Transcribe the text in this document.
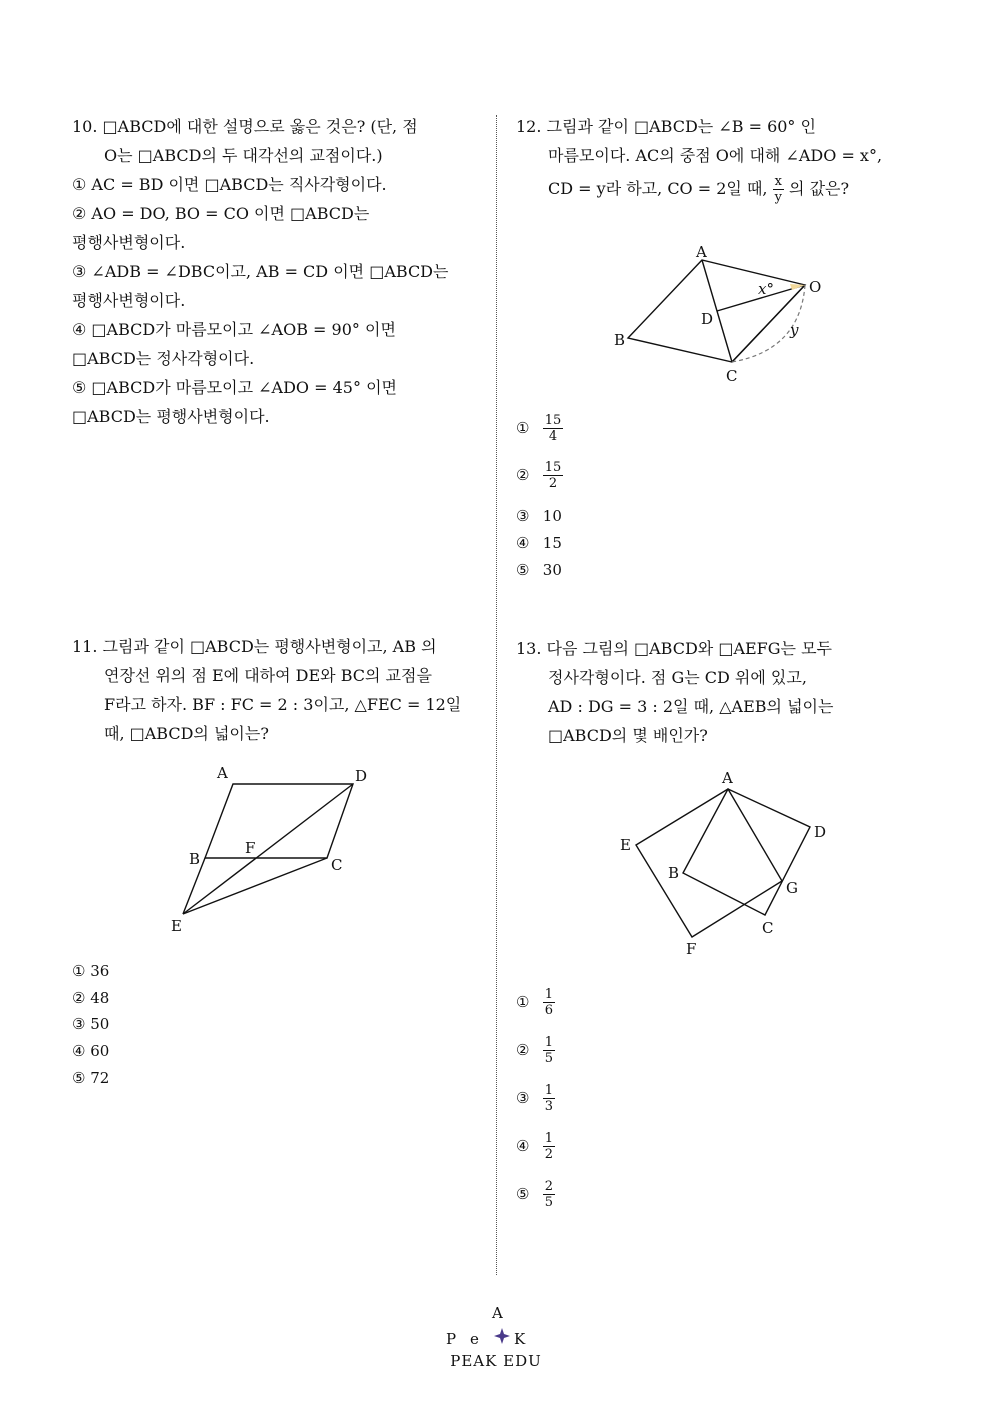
10. □ABCD에 대한 설명으로 옳은 것은? (단, 점
O는 □ABCD의 두 대각선의 교점이다.)
① AC = BD 이면 □ABCD는 직사각형이다.
② AO = DO, BO = CO 이면 □ABCD는
평행사변형이다.
③ ∠ADB = ∠DBC이고, AB = CD 이면 □ABCD는
평행사변형이다.
④ □ABCD가 마름모이고 ∠AOB = 90° 이면
□ABCD는 정사각형이다.
⑤ □ABCD가 마름모이고 ∠ADO = 45° 이면
□ABCD는 평행사변형이다.
12. 그림과 같이 □ABCD는 ∠B = 60° 인
마름모이다. AC의 중점 O에 대해 ∠ADO = x°,
CD = y라 하고, CO = 2일 때, $\frac{x}{y}$ 의 값은?
A
B
C
D
O
x°
y
① $\frac{15}{4}$
② $\frac{15}{2}$
③ 10
④ 15
⑤ 30
11. 그림과 같이 □ABCD는 평행사변형이고, AB 의
연장선 위의 점 E에 대하여 DE와 BC의 교점을
F라고 하자. BF : FC = 2 : 3이고, △FEC = 12일
때, □ABCD의 넓이는?
A	D
B	C
F
E
① 36
② 48
③ 50
④ 60
⑤ 72
13. 다음 그림의 □ABCD와 □AEFG는 모두
정사각형이다. 점 G는 CD 위에 있고,
AD : DG = 3 : 2일 때, △AEB의 넓이는
□ABCD의 몇 배인가?
A
D
E
B
G
C
F
① $\frac{1}{6}$
② $\frac{1}{5}$
③ $\frac{1}{3}$
④ $\frac{1}{2}$
⑤ $\frac{2}{5}$
P e
A
K
PEAK EDU
